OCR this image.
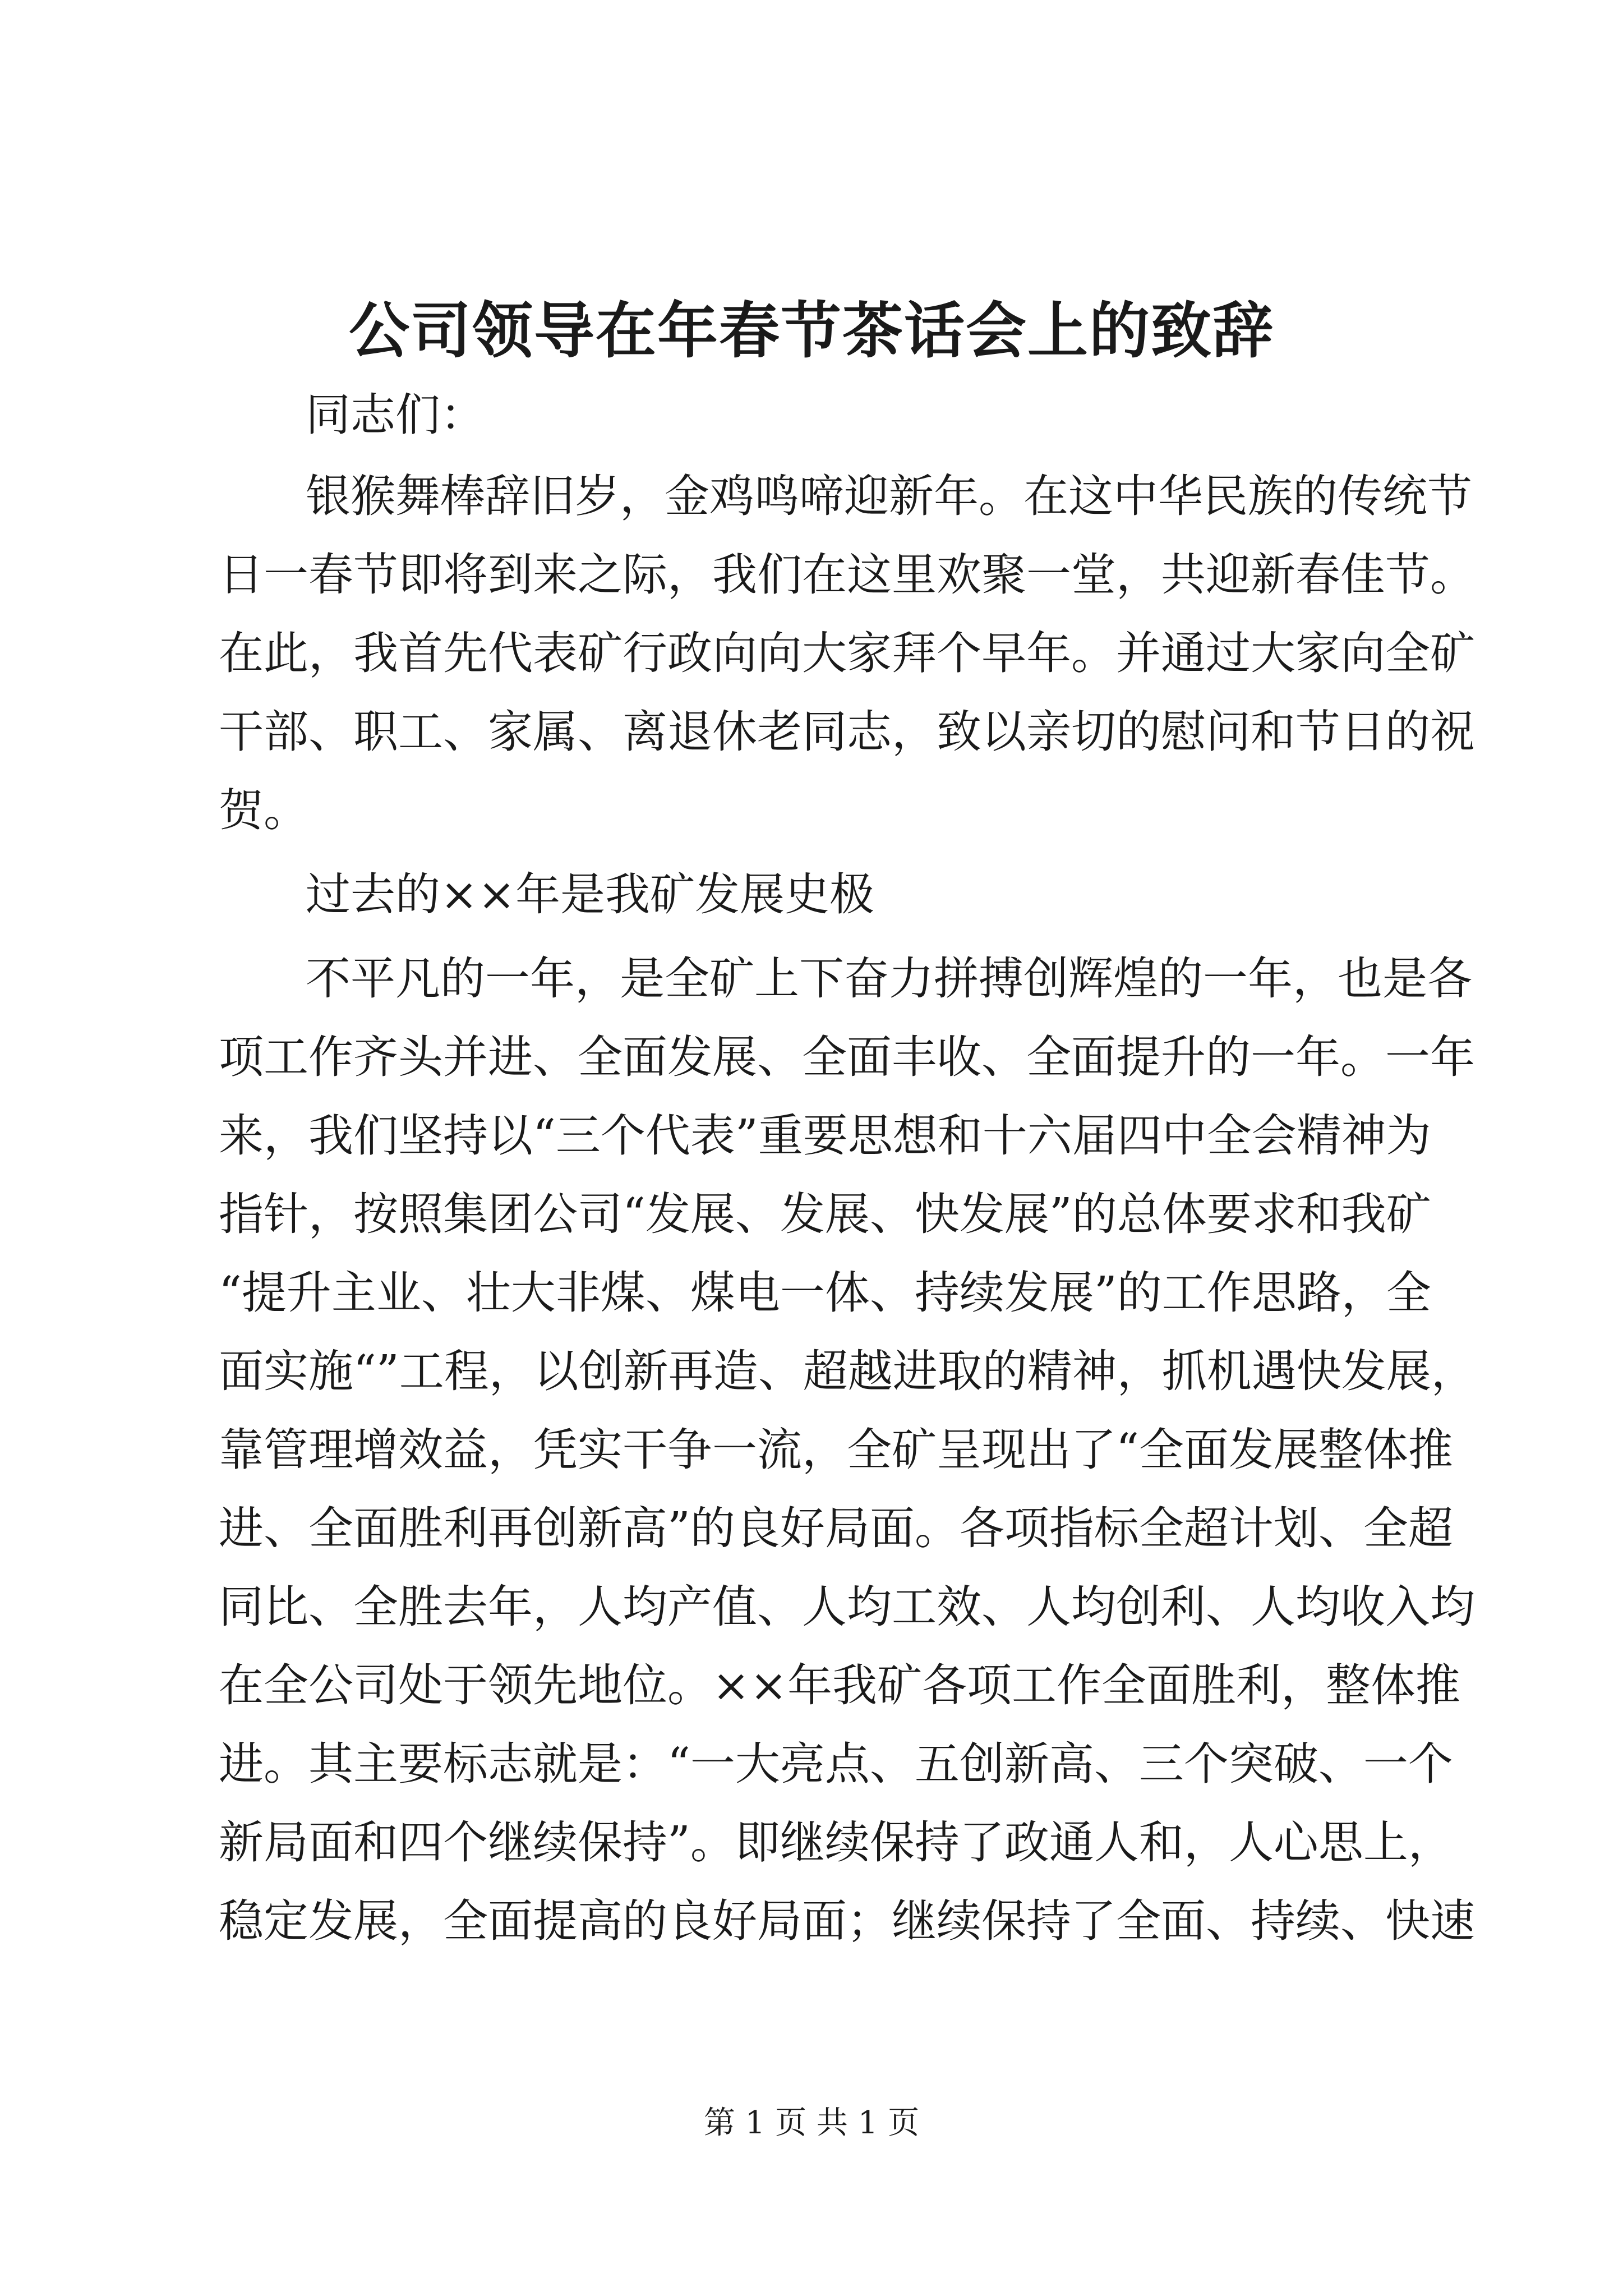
公司领导在年春节茶话会上的致辞
同志们：
银猴舞棒辞旧岁，金鸡鸣啼迎新年。在这中华民族的传统节
日一春节即将到来之际，我们在这里欢聚一堂，共迎新春佳节。
在此，我首先代表矿行政向向大家拜个早年。并通过大家向全矿
干部、职工、家属、离退休老同志，致以亲切的慰问和节日的祝
贺。
过去的××年是我矿发展史极
不平凡的一年，是全矿上下奋力拼搏创辉煌的一年，也是各
项工作齐头并进、全面发展、全面丰收、全面提升的一年。一年
来，我们坚持以“三个代表”重要思想和十六届四中全会精神为
指针，按照集团公司“发展、发展、快发展”的总体要求和我矿
“提升主业、壮大非煤、煤电一体、持续发展”的工作思路，全
面实施“”工程，以创新再造、超越进取的精神，抓机遇快发展，
靠管理增效益，凭实干争一流，全矿呈现出了“全面发展整体推
进、全面胜利再创新高”的良好局面。各项指标全超计划、全超
同比、全胜去年，人均产值、人均工效、人均创利、人均收入均
在全公司处于领先地位。××年我矿各项工作全面胜利，整体推
进。其主要标志就是：“一大亮点、五创新高、三个突破、一个
新局面和四个继续保持”。即继续保持了政通人和，人心思上，
稳定发展，全面提高的良好局面；继续保持了全面、持续、快速
第 1 页 共 1 页
